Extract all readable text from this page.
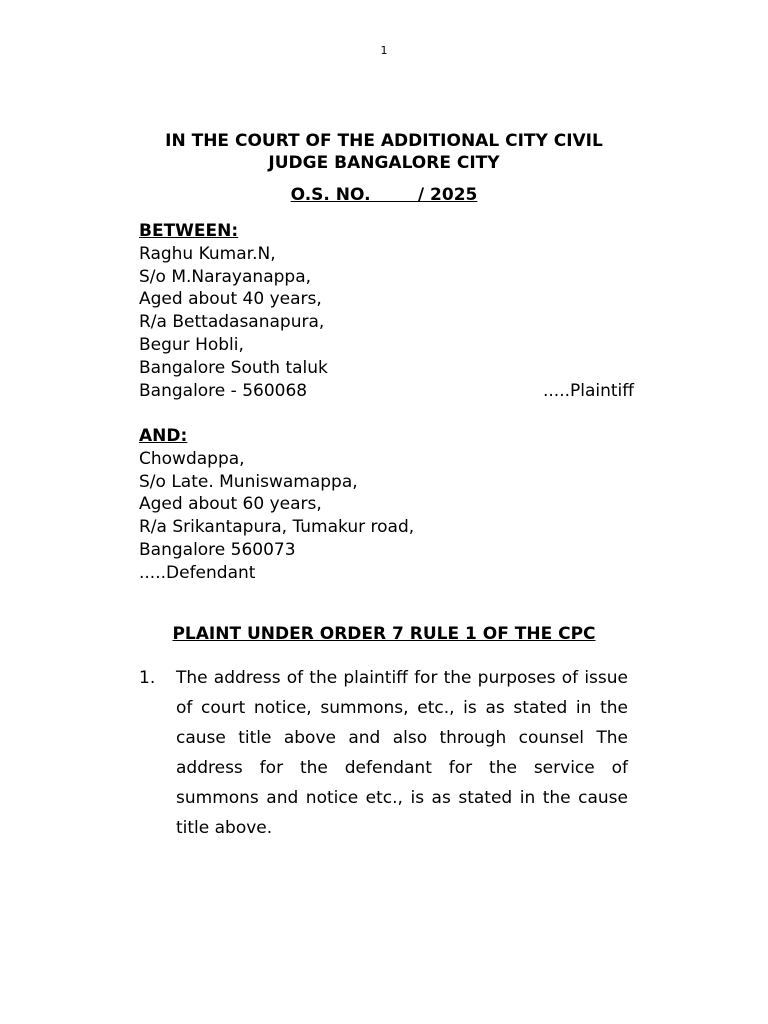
1
IN THE COURT OF THE ADDITIONAL CITY CIVIL
JUDGE BANGALORE CITY
O.S. NO.        / 2025
BETWEEN:
Raghu Kumar.N,
S/o M.Narayanappa,
Aged about 40 years,
R/a Bettadasanapura,
Begur Hobli,
Bangalore South taluk
Bangalore - 560068	.....Plaintiff
AND:
Chowdappa,
S/o Late. Muniswamappa,
Aged about 60 years,
R/a Srikantapura, Tumakur road,
Bangalore 560073
.....Defendant
PLAINT UNDER ORDER 7 RULE 1 OF THE CPC
1.	The address of the plaintiff for the purposes of issue of court notice, summons, etc., is as stated in the cause title above and also through counsel The address for the defendant for the service of summons and notice etc., is as stated in the cause title above.
